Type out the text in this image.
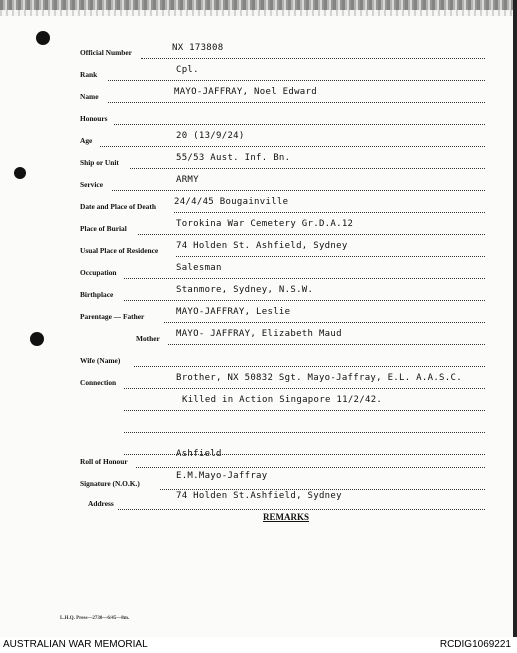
Official Number	NX 173808
Rank	Cpl.
Name	MAYO-JAFFRAY, Noel Edward
Honours
Age	20 (13/9/24)
Ship or Unit	55/53 Aust. Inf. Bn.
Service	ARMY
Date and Place of Death 24/4/45 Bougainville
Place of Burial	Torokina War Cemetery Gr.D.A.12
Usual Place of Residence 74 Holden St. Ashfield, Sydney
Occupation	Salesman
Birthplace	Stanmore, Sydney, N.S.W.
Parentage — Father	MAYO-JAFFRAY, Leslie
Mother MAYO- JAFFRAY, Elizabeth Maud
Wife (Name)
Connection	Brother, NX 50832 Sgt. Mayo-Jaffray, E.L. A.A.S.C.
Killed in Action Singapore 11/2/42.
Roll of Honour
Ashfield
Signature (N.O.K.)
E.M.Mayo-Jaffray
Address
74 Holden St.Ashfield, Sydney
REMARKS
L.H.Q. Press—2730—6/45—8m.
AUSTRALIAN WAR MEMORIAL	RCDIG1069221
